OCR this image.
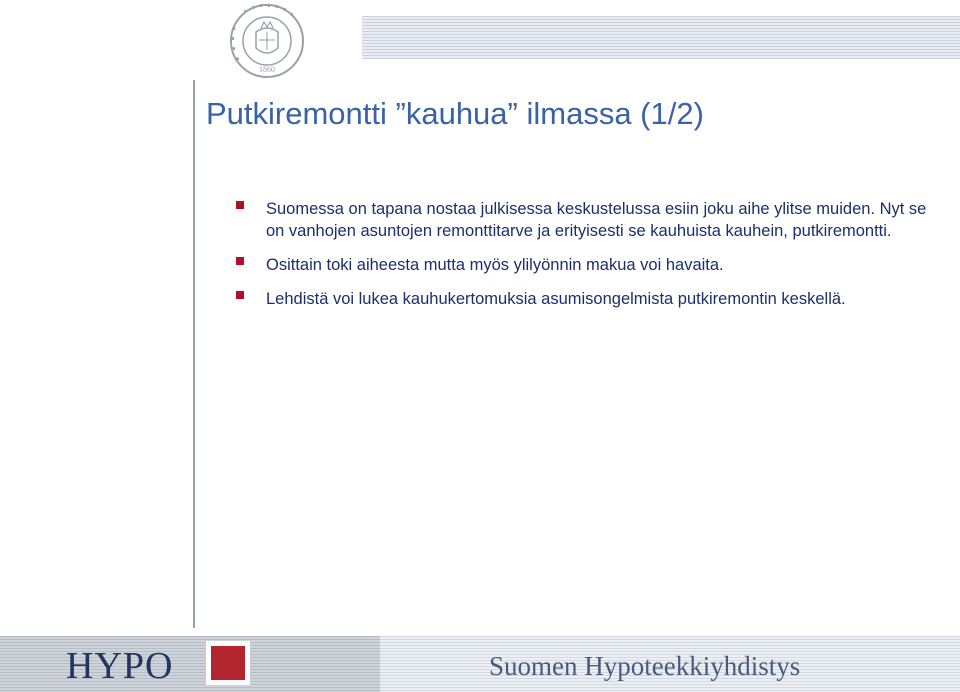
1860
Putkiremontti ”kauhua” ilmassa (1/2)
Suomessa on tapana nostaa julkisessa keskustelussa esiin joku aihe ylitse muiden. Nyt se on vanhojen asuntojen remonttitarve ja erityisesti se kauhuista kauhein, putkiremontti.
Osittain toki aiheesta mutta myös ylilyönnin makua voi havaita.
Lehdistä voi lukea kauhukertomuksia asumisongelmista putkiremontin keskellä.
HYPO	Suomen Hypoteekkiyhdistys
